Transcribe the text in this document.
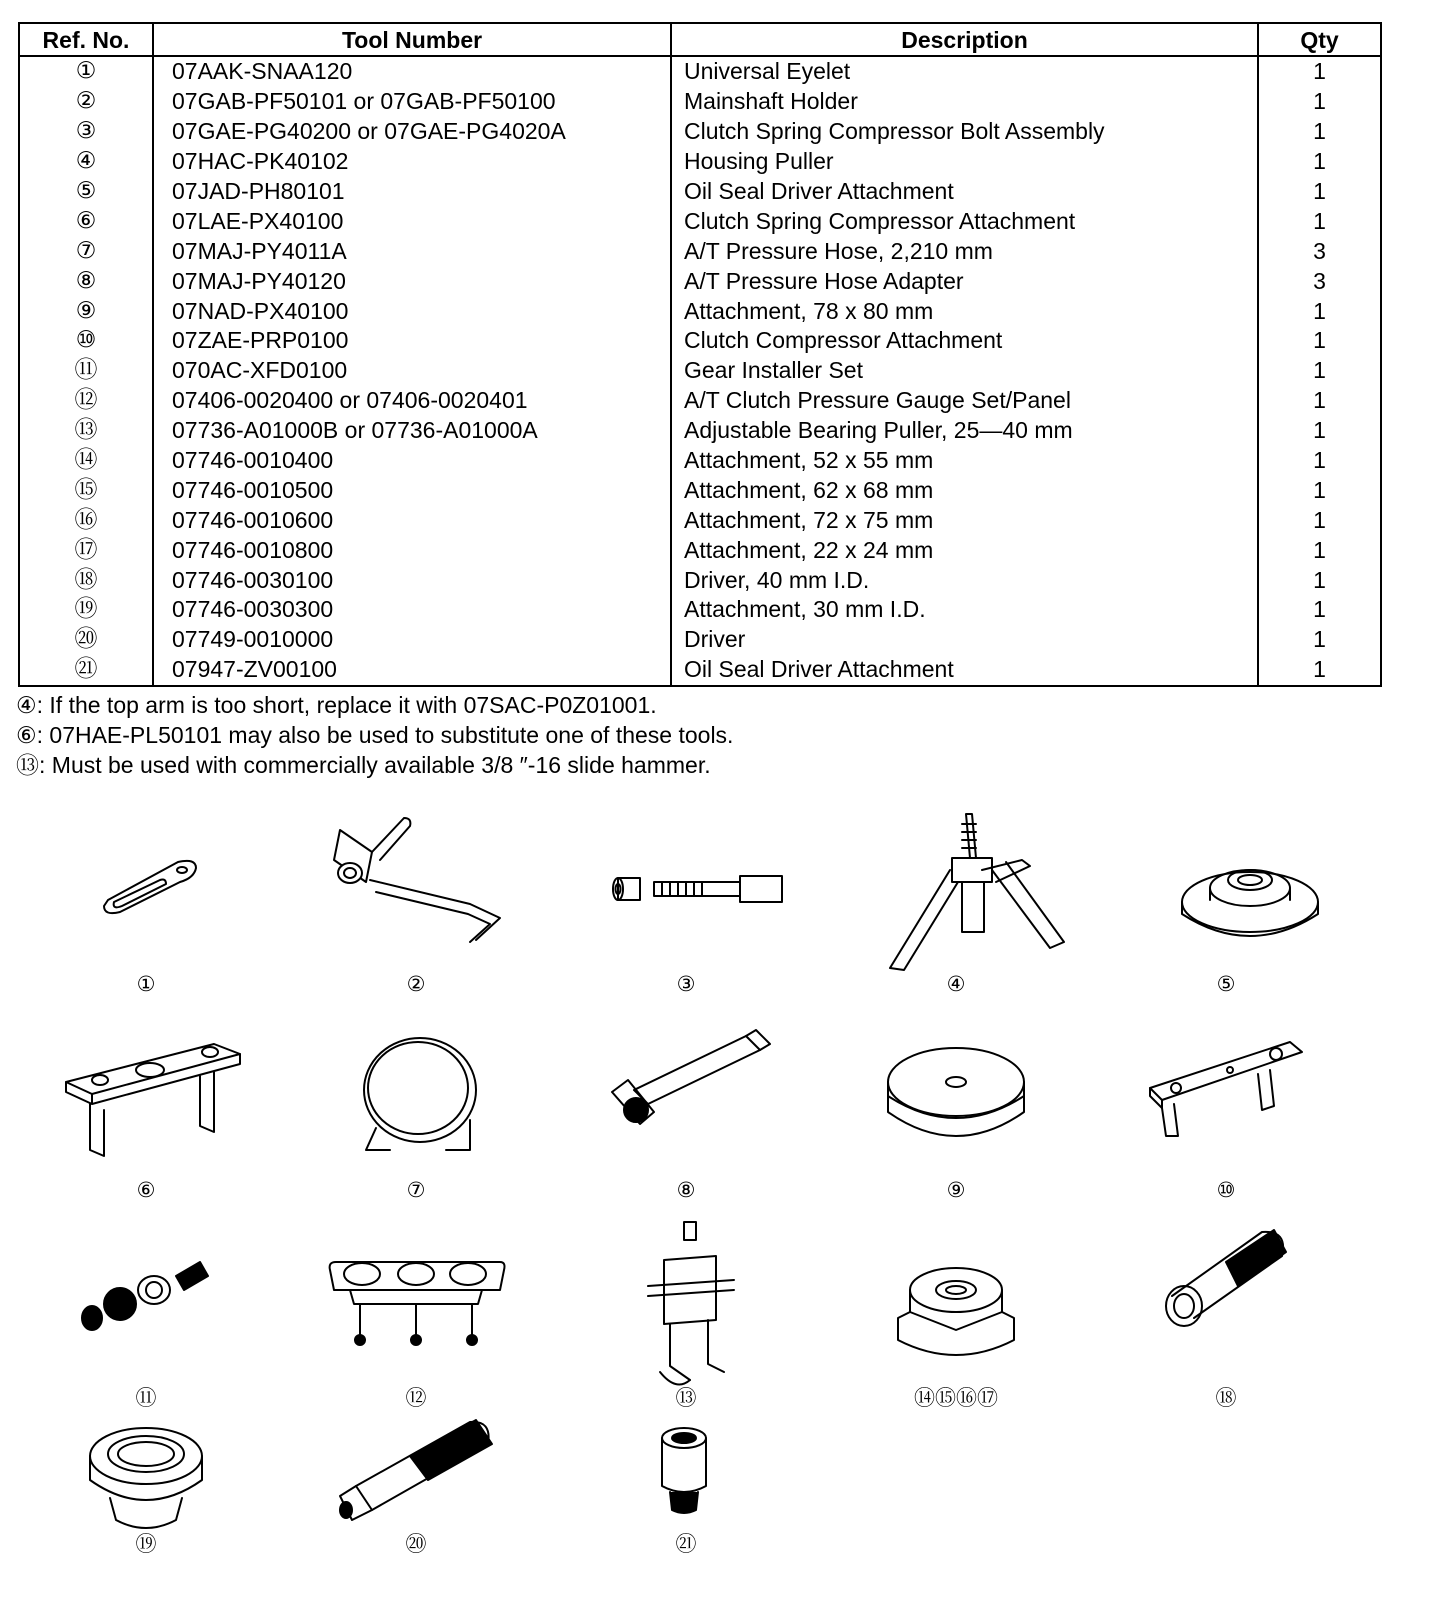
Ref. No.	Tool Number	Description	Qty
①	07AAK-SNAA120	Universal Eyelet	1
②	07GAB-PF50101 or 07GAB-PF50100	Mainshaft Holder	1
③	07GAE-PG40200 or 07GAE-PG4020A	Clutch Spring Compressor Bolt Assembly	1
④	07HAC-PK40102	Housing Puller	1
⑤	07JAD-PH80101	Oil Seal Driver Attachment	1
⑥	07LAE-PX40100	Clutch Spring Compressor Attachment	1
⑦	07MAJ-PY4011A	A/T Pressure Hose, 2,210 mm	3
⑧	07MAJ-PY40120	A/T Pressure Hose Adapter	3
⑨	07NAD-PX40100	Attachment, 78 x 80 mm	1
⑩	07ZAE-PRP0100	Clutch Compressor Attachment	1
⑪	070AC-XFD0100	Gear Installer Set	1
⑫	07406-0020400 or 07406-0020401	A/T Clutch Pressure Gauge Set/Panel	1
⑬	07736-A01000B or 07736-A01000A	Adjustable Bearing Puller, 25—40 mm	1
⑭	07746-0010400	Attachment, 52 x 55 mm	1
⑮	07746-0010500	Attachment, 62 x 68 mm	1
⑯	07746-0010600	Attachment, 72 x 75 mm	1
⑰	07746-0010800	Attachment, 22 x 24 mm	1
⑱	07746-0030100	Driver, 40 mm I.D.	1
⑲	07746-0030300	Attachment, 30 mm I.D.	1
⑳	07749-0010000	Driver	1
㉑	07947-ZV00100	Oil Seal Driver Attachment	1
④: If the top arm is too short, replace it with 07SAC-P0Z01001.
⑥: 07HAE-PL50101 may also be used to substitute one of these tools.
⑬: Must be used with commercially available 3/8 ″-16 slide hammer.
①	②	③	④	⑤
⑥	⑦	⑧	⑨	⑩
⑪	⑫	⑬	⑭⑮⑯⑰	⑱
⑲	⑳	㉑
